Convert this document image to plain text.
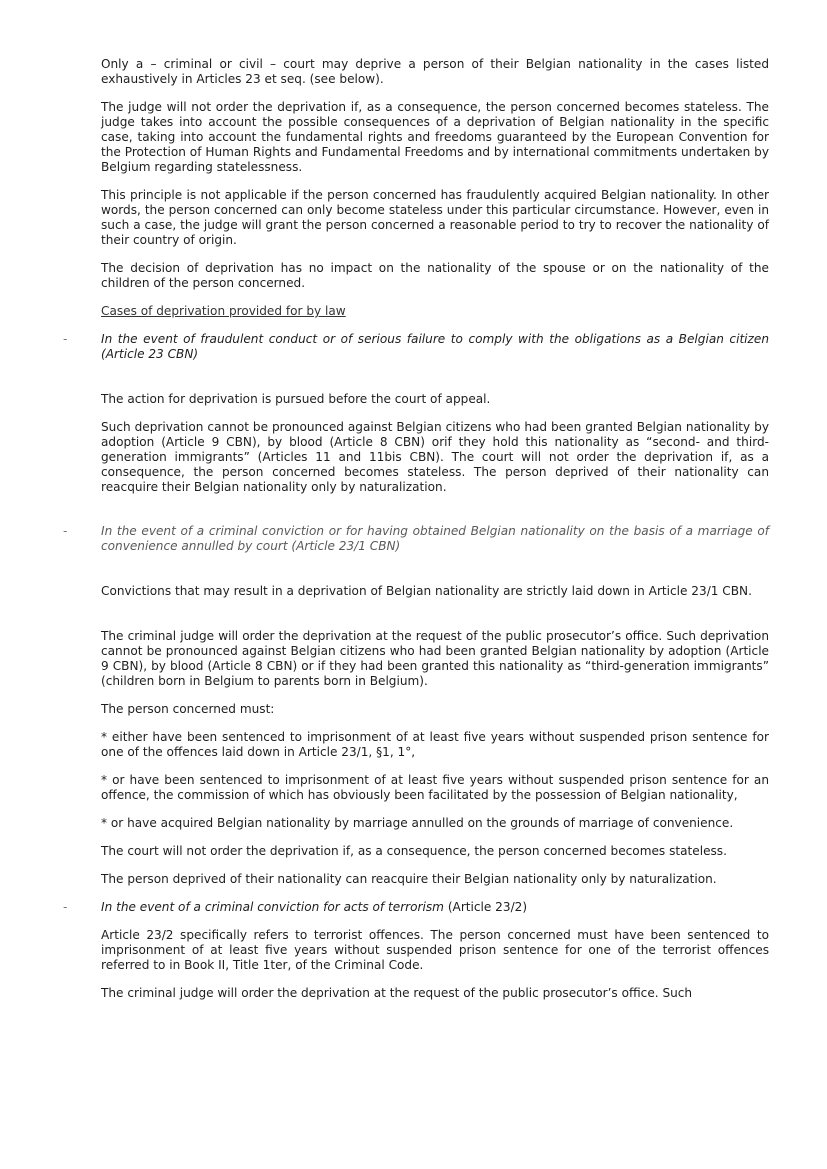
Only a – criminal or civil – court may deprive a person of their Belgian nationality in the cases listed exhaustively in Articles 23 et seq. (see below).

The judge will not order the deprivation if, as a consequence, the person concerned becomes stateless. The judge takes into account the possible consequences of a deprivation of Belgian nationality in the specific case, taking into account the fundamental rights and freedoms guaranteed by the European Convention for the Protection of Human Rights and Fundamental Freedoms and by international commitments undertaken by Belgium regarding statelessness.

This principle is not applicable if the person concerned has fraudulently acquired Belgian nationality. In other words, the person concerned can only become stateless under this particular circumstance. However, even in such a case, the judge will grant the person concerned a reasonable period to try to recover the nationality of their country of origin.

The decision of deprivation has no impact on the nationality of the spouse or on the nationality of the children of the person concerned.

Cases of deprivation provided for by law

-	In the event of fraudulent conduct or of serious failure to comply with the obligations as a Belgian citizen (Article 23 CBN)

The action for deprivation is pursued before the court of appeal.

Such deprivation cannot be pronounced against Belgian citizens who had been granted Belgian nationality by adoption (Article 9 CBN), by blood (Article 8 CBN) orif they hold this nationality as “second- and third-generation immigrants” (Articles 11 and 11bis CBN). The court will not order the deprivation if, as a consequence, the person concerned becomes stateless. The person deprived of their nationality can reacquire their Belgian nationality only by naturalization.

-	In the event of a criminal conviction or for having obtained Belgian nationality on the basis of a marriage of convenience annulled by court (Article 23/1 CBN)

Convictions that may result in a deprivation of Belgian nationality are strictly laid down in Article 23/1 CBN.

The criminal judge will order the deprivation at the request of the public prosecutor’s office. Such deprivation cannot be pronounced against Belgian citizens who had been granted Belgian nationality by adoption (Article 9 CBN), by blood (Article 8 CBN) or if they had been granted this nationality as “third-generation immigrants” (children born in Belgium to parents born in Belgium).

The person concerned must:

* either have been sentenced to imprisonment of at least five years without suspended prison sentence for one of the offences laid down in Article 23/1, §1, 1°,

* or have been sentenced to imprisonment of at least five years without suspended prison sentence for an offence, the commission of which has obviously been facilitated by the possession of Belgian nationality,

* or have acquired Belgian nationality by marriage annulled on the grounds of marriage of convenience.

The court will not order the deprivation if, as a consequence, the person concerned becomes stateless.

The person deprived of their nationality can reacquire their Belgian nationality only by naturalization.

-	In the event of a criminal conviction for acts of terrorism (Article 23/2)

Article 23/2 specifically refers to terrorist offences. The person concerned must have been sentenced to imprisonment of at least five years without suspended prison sentence for one of the terrorist offences referred to in Book II, Title 1ter, of the Criminal Code.

The criminal judge will order the deprivation at the request of the public prosecutor’s office. Such
